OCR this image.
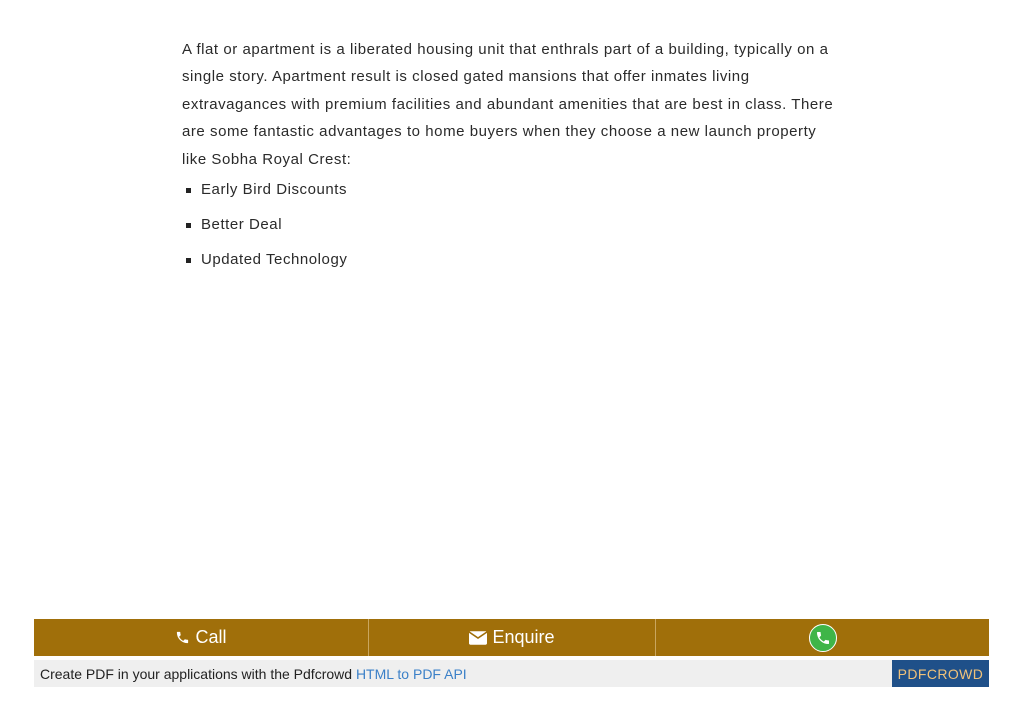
A flat or apartment is a liberated housing unit that enthrals part of a building, typically on a single story. Apartment result is closed gated mansions that offer inmates living extravagances with premium facilities and abundant amenities that are best in class. There are some fantastic advantages to home buyers when they choose a new launch property like Sobha Royal Crest:

Early Bird Discounts
Better Deal
Updated Technology
Call	Enquire
Create PDF in your applications with the Pdfcrowd HTML to PDF API	PDFCROWD
